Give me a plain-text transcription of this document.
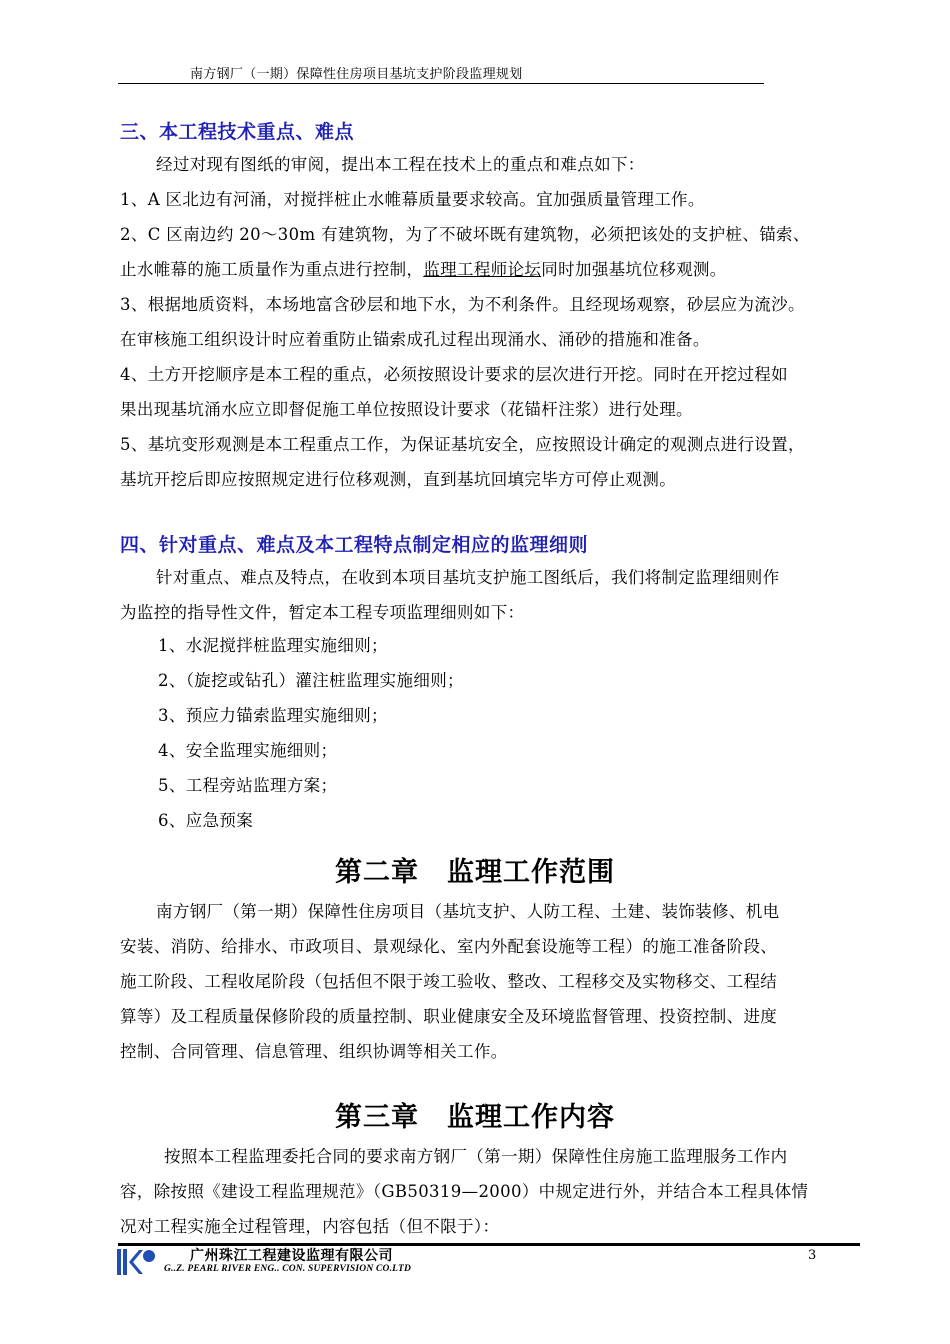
南方钢厂（一期）保障性住房项目基坑支护阶段监理规划
三、本工程技术重点、难点

经过对现有图纸的审阅，提出本工程在技术上的重点和难点如下：
1、A 区北边有河涌，对搅拌桩止水帷幕质量要求较高。宜加强质量管理工作。
2、C 区南边约 20～30m 有建筑物，为了不破坏既有建筑物，必须把该处的支护桩、锚索、
止水帷幕的施工质量作为重点进行控制，监理工程师论坛同时加强基坑位移观测。
3、根据地质资料，本场地富含砂层和地下水，为不利条件。且经现场观察，砂层应为流沙。
在审核施工组织设计时应着重防止锚索成孔过程出现涌水、涌砂的措施和准备。
4、土方开挖顺序是本工程的重点，必须按照设计要求的层次进行开挖。同时在开挖过程如
果出现基坑涌水应立即督促施工单位按照设计要求（花锚杆注浆）进行处理。
5、基坑变形观测是本工程重点工作，为保证基坑安全，应按照设计确定的观测点进行设置，
基坑开挖后即应按照规定进行位移观测，直到基坑回填完毕方可停止观测。

四、针对重点、难点及本工程特点制定相应的监理细则

针对重点、难点及特点，在收到本项目基坑支护施工图纸后，我们将制定监理细则作
为监控的指导性文件，暂定本工程专项监理细则如下：

1、水泥搅拌桩监理实施细则；
2、（旋挖或钻孔）灌注桩监理实施细则；
3、预应力锚索监理实施细则；
4、安全监理实施细则；
5、工程旁站监理方案；
6、应急预案

第二章　监理工作范围

南方钢厂（第一期）保障性住房项目（基坑支护、人防工程、土建、装饰装修、机电
安装、消防、给排水、市政项目、景观绿化、室内外配套设施等工程）的施工准备阶段、
施工阶段、工程收尾阶段（包括但不限于竣工验收、整改、工程移交及实物移交、工程结
算等）及工程质量保修阶段的质量控制、职业健康安全及环境监督管理、投资控制、进度
控制、合同管理、信息管理、组织协调等相关工作。

第三章　监理工作内容

按照本工程监理委托合同的要求南方钢厂（第一期）保障性住房施工监理服务工作内
容，除按照《建设工程监理规范》（GB50319—2000）中规定进行外，并结合本工程具体情
况对工程实施全过程管理，内容包括（但不限于）：

广州珠江工程建设监理有限公司
G..Z. PEARL RIVER ENG.. CON. SUPERVISION CO.LTD
3
